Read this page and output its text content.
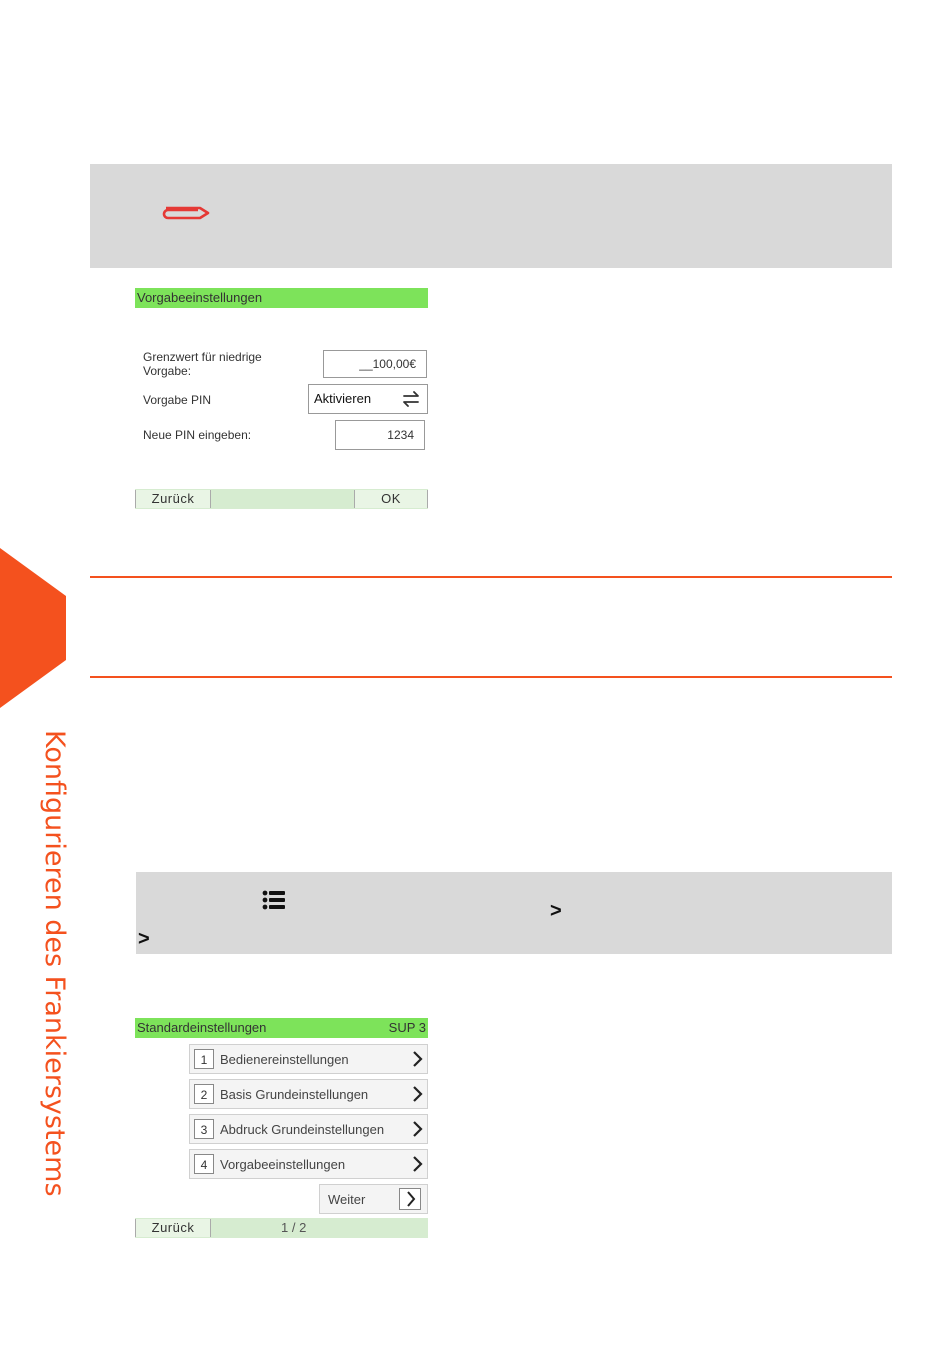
Konfigurieren des Frankiersystems
Vorgabeeinstellungen
Grenzwert für niedrige Vorgabe:	__100,00€
Vorgabe PIN	Aktivieren
Neue PIN eingeben:	1234
Zurück	OK
>
>
Standardeinstellungen	SUP 3
1 Bedienereinstellungen
2 Basis Grundeinstellungen
3 Abdruck Grundeinstellungen
4 Vorgabeeinstellungen
Weiter
Zurück	1 / 2
